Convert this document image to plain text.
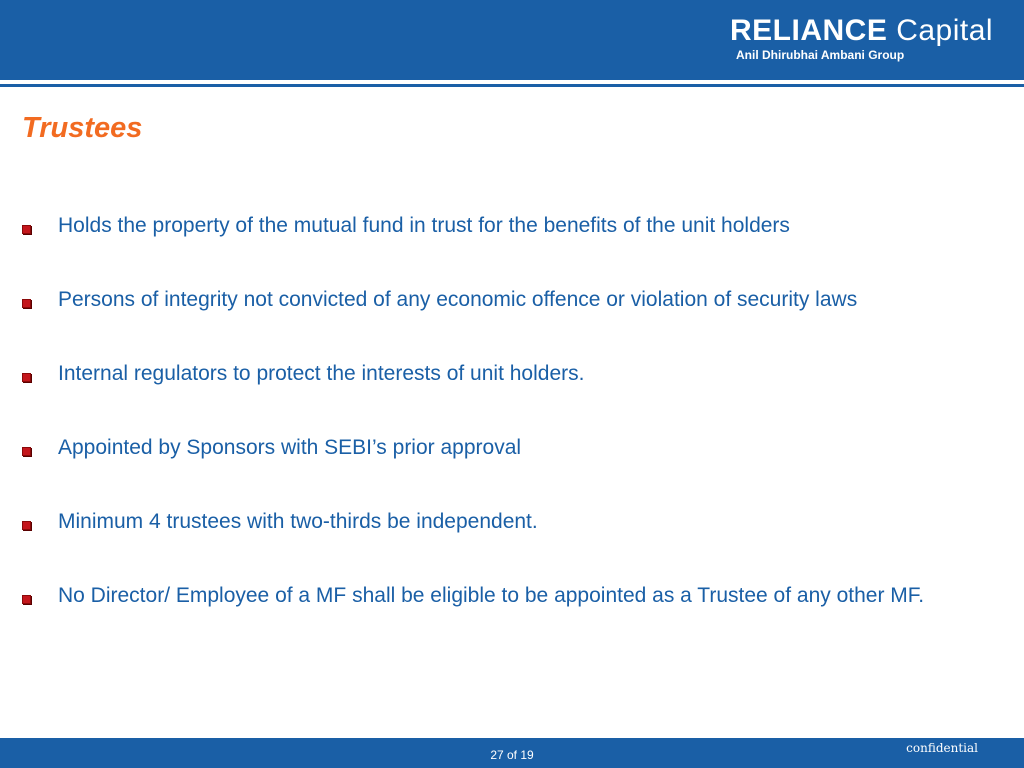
RELIANCE Capital
Anil Dhirubhai Ambani Group
Trustees
Holds the property of the mutual fund in trust for the benefits of the unit holders
Persons of integrity not convicted of any economic offence or violation of security laws
Internal regulators to protect the interests of unit holders.
Appointed by Sponsors with SEBI’s prior approval
Minimum 4 trustees with two-thirds be independent.
No Director/ Employee of a MF shall be eligible to be appointed as a Trustee of any other MF.
27 of 19	confidential
